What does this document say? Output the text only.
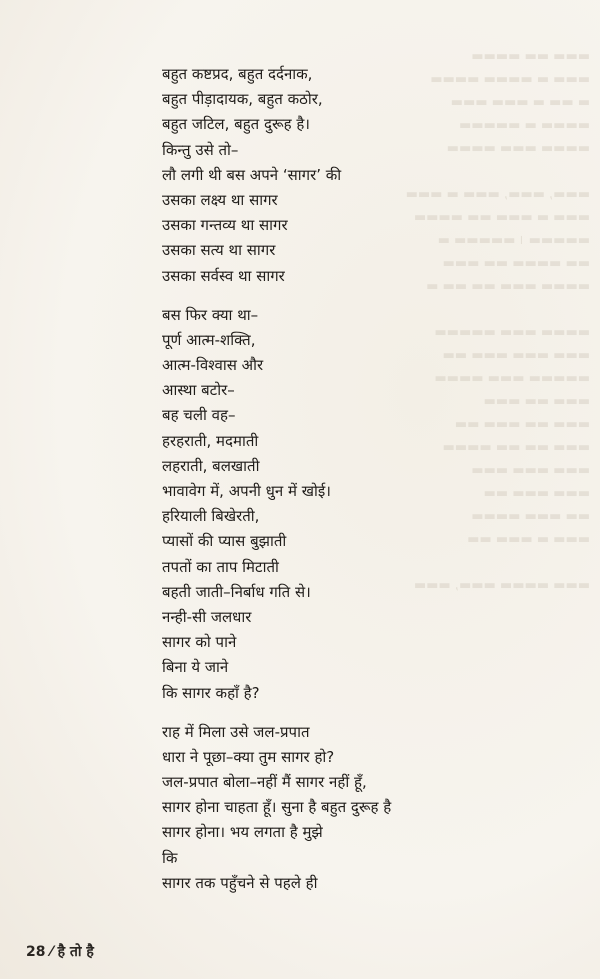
▬▬▬ ▬▬ ▬▬▬▬
▬▬▬ ▬ ▬▬▬▬ ▬▬▬▬
▬ ▬▬ ▬ ▬▬▬ ▬▬▬
▬▬▬▬ ▬ ▬▬▬▬▬
▬▬▬▬ ▬▬▬ ▬▬▬▬

▬▬▬, ▬▬▬, ▬▬▬ ▬ ▬▬▬
▬▬▬ ▬ ▬▬▬ ▬▬ ▬▬▬▬
▬▬▬▬▬ । ▬▬▬▬▬ ▬
▬▬ ▬▬▬▬ ▬▬ ▬▬▬
▬▬▬▬ ▬▬▬ ▬▬ ▬▬ ▬

▬▬▬▬ ▬▬▬ ▬▬▬▬▬
▬▬▬ ▬▬▬ ▬▬▬ ▬▬
▬▬▬▬▬ ▬▬▬ ▬▬▬▬
▬▬▬ ▬▬ ▬▬▬
▬▬▬ ▬▬ ▬▬▬ ▬▬
▬▬▬ ▬▬ ▬▬ ▬▬▬▬
▬▬▬ ▬▬▬ ▬▬▬
▬▬▬ ▬▬▬ ▬▬
▬▬ ▬▬▬ ▬▬▬▬
▬▬▬ ▬ ▬▬▬ ▬▬

▬▬▬ ▬▬▬▬ ▬▬▬, ▬▬▬
बहुत कष्टप्रद, बहुत दर्दनाक,
बहुत पीड़ादायक, बहुत कठोर,
बहुत जटिल, बहुत दुरूह है।
किन्तु उसे तो–
लौ लगी थी बस अपने ‘सागर’ की
उसका लक्ष्य था सागर
उसका गन्तव्य था सागर
उसका सत्य था सागर
उसका सर्वस्व था सागर
बस फिर क्या था–
पूर्ण आत्म-शक्ति,
आत्म-विश्वास और
आस्था बटोर–
बह चली वह–
हरहराती, मदमाती
लहराती, बलखाती
भावावेग में, अपनी धुन में खोई।
हरियाली बिखेरती,
प्यासों की प्यास बुझाती
तपतों का ताप मिटाती
बहती जाती–निर्बाध गति से।
नन्ही-सी जलधार
सागर को पाने
बिना ये जाने
कि सागर कहाँ है?
राह में मिला उसे जल-प्रपात
धारा ने पूछा–क्या तुम सागर हो?
जल-प्रपात बोला–नहीं मैं सागर नहीं हूँ,
सागर होना चाहता हूँ। सुना है बहुत दुरूह है
सागर होना। भय लगता है मुझे
कि
सागर तक पहुँचने से पहले ही
28 ⁄ है तो है
